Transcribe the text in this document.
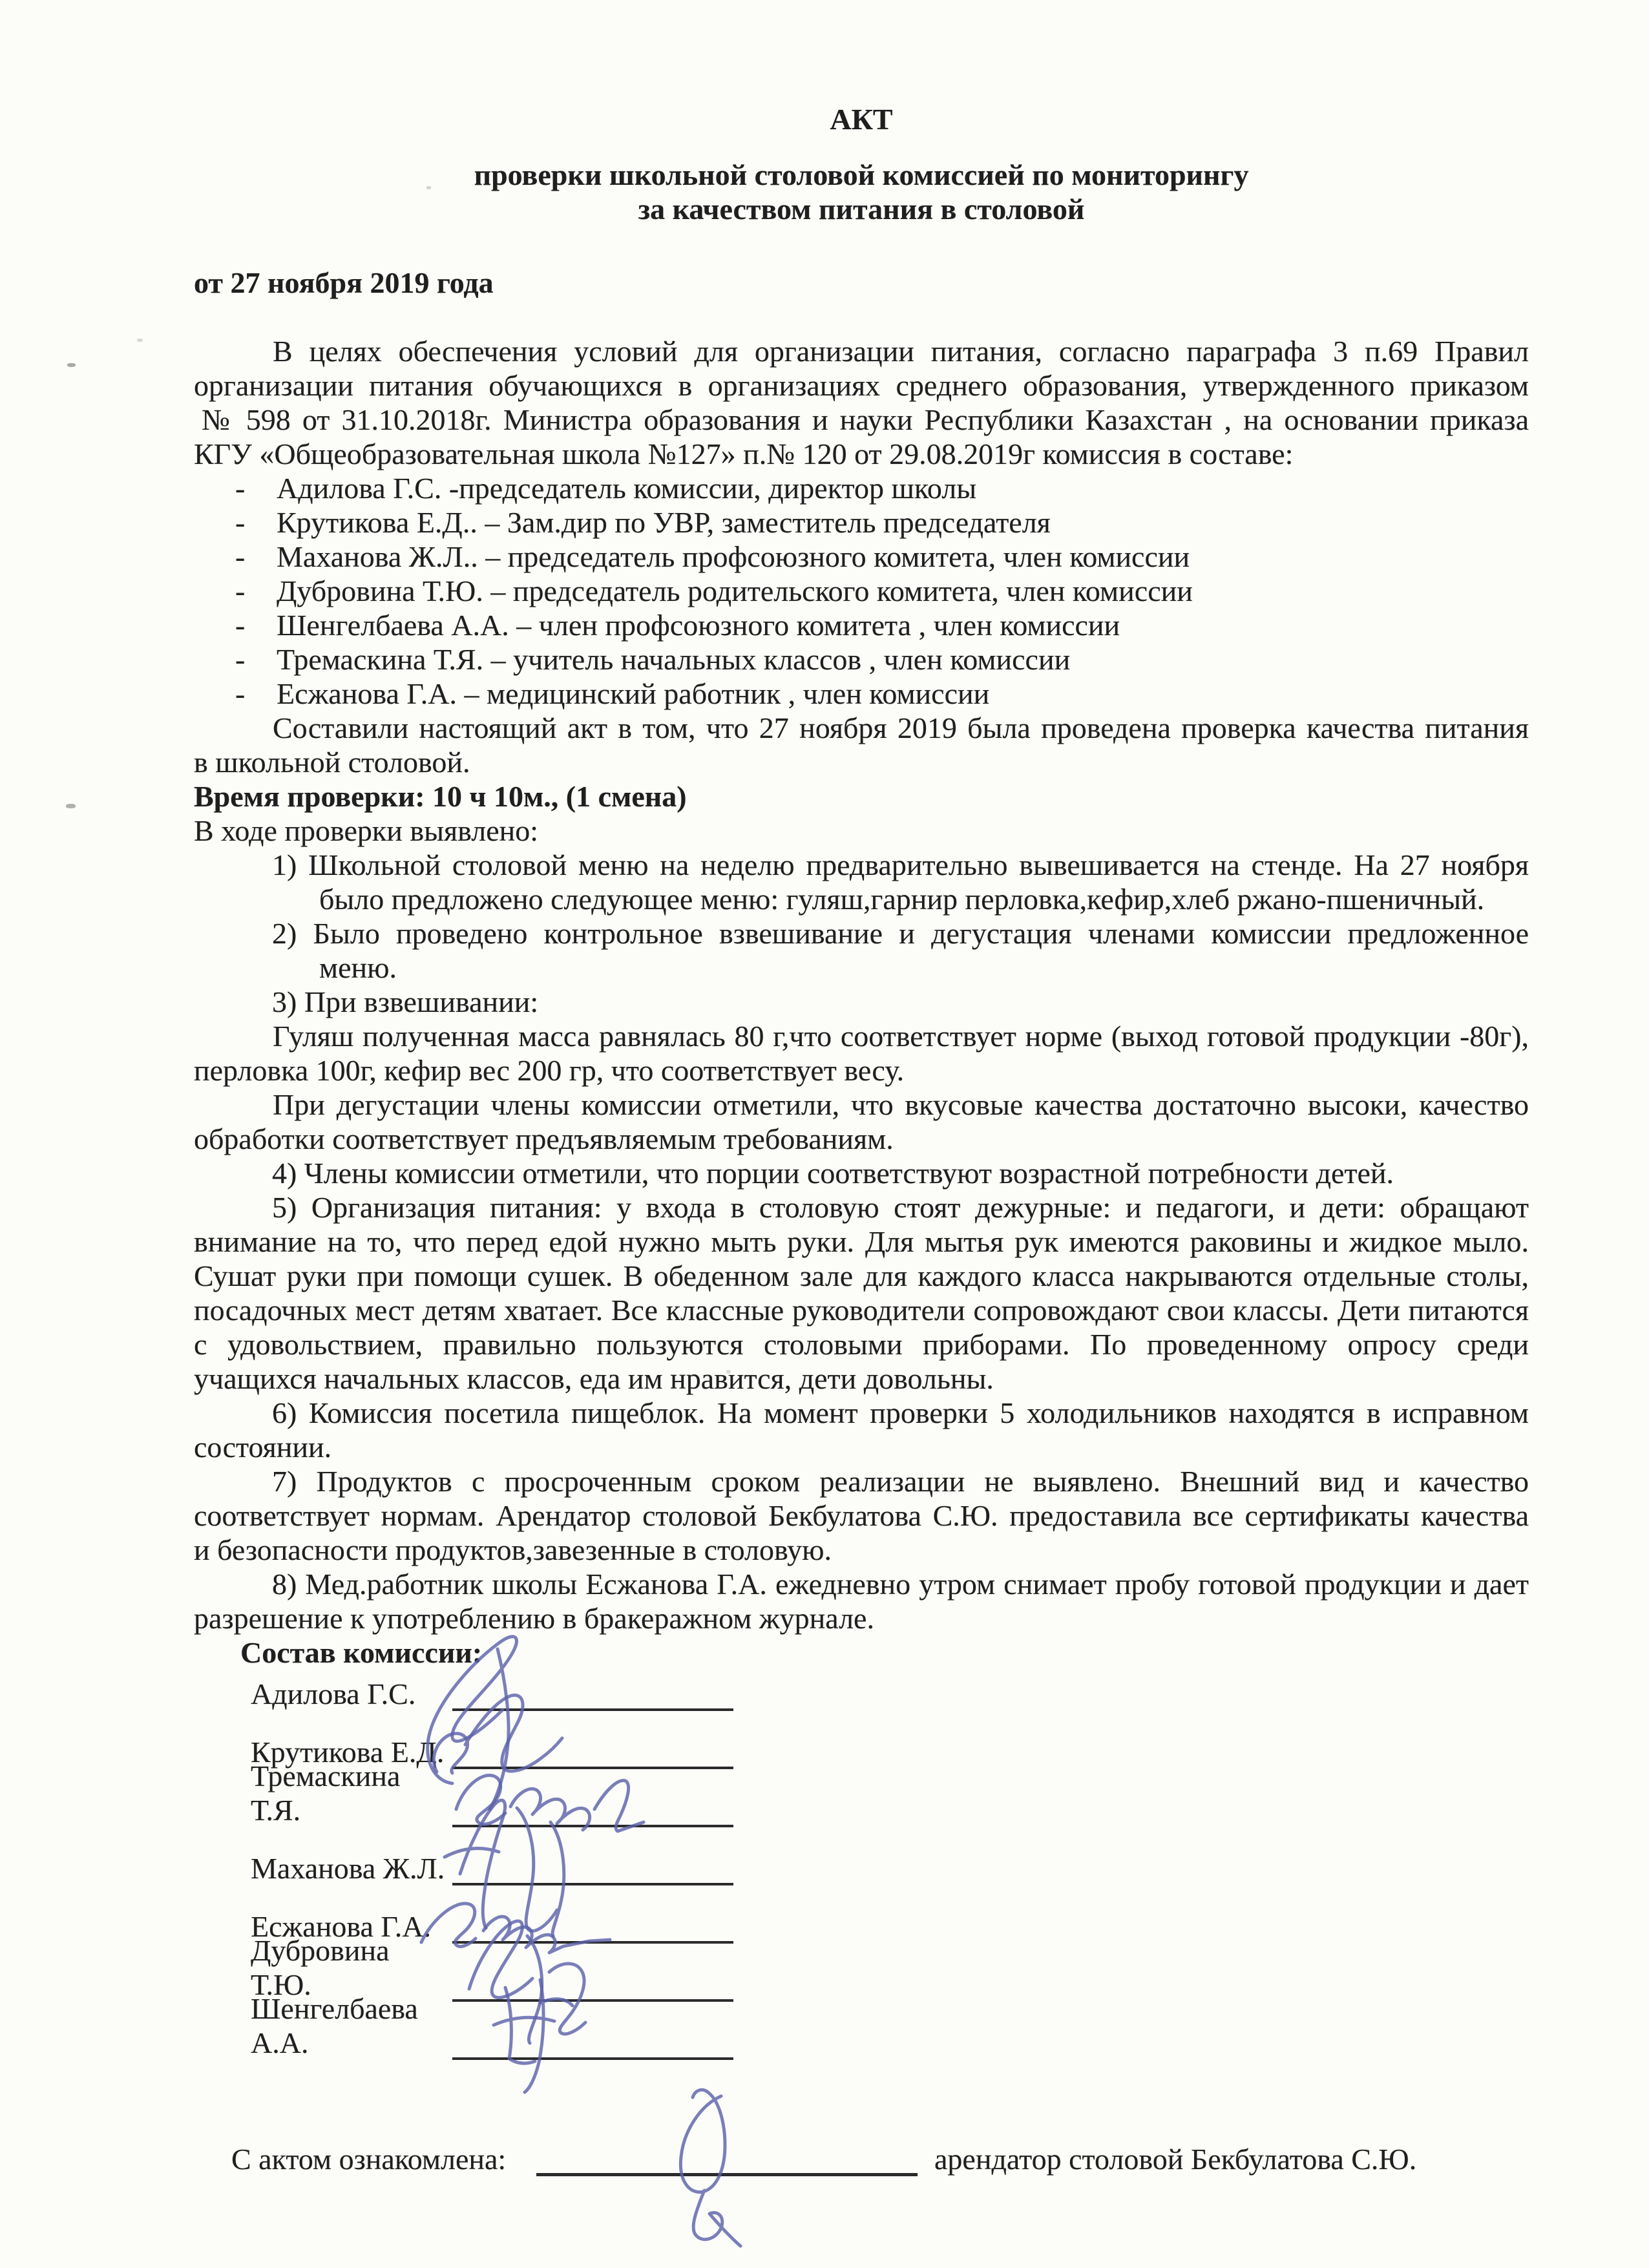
АКТ
проверки школьной столовой комиссией по мониторингу
за качеством питания в столовой
от 27 ноября 2019 года
В целях обеспечения условий для организации питания, согласно параграфа 3 п.69 Правил
организации питания обучающихся в организациях среднего образования, утвержденного приказом
№ 598 от 31.10.2018г. Министра образования и науки Республики Казахстан , на основании приказа
КГУ «Общеобразовательная школа №127» п.№ 120 от 29.08.2019г комиссия в составе:
- Адилова Г.С. -председатель комиссии, директор школы
- Крутикова Е.Д.. – Зам.дир по УВР, заместитель председателя
- Маханова Ж.Л.. – председатель профсоюзного комитета, член комиссии
- Дубровина Т.Ю. – председатель родительского комитета, член комиссии
- Шенгелбаева А.А. – член профсоюзного комитета , член комиссии
- Тремаскина Т.Я. – учитель начальных классов , член комиссии
- Есжанова Г.А. – медицинский работник , член комиссии
Составили настоящий акт в том, что 27 ноября 2019 была проведена проверка качества питания
в школьной столовой.
Время проверки: 10 ч 10м., (1 смена)
В ходе проверки выявлено:
1) Школьной столовой меню на неделю предварительно вывешивается на стенде. На 27 ноября
было предложено следующее меню: гуляш,гарнир перловка,кефир,хлеб ржано-пшеничный.
2) Было проведено контрольное взвешивание и дегустация членами комиссии предложенное
меню.
3) При взвешивании:
Гуляш полученная масса равнялась 80 г,что соответствует норме (выход готовой продукции -80г),
перловка 100г, кефир вес 200 гр, что соответствует весу.
При дегустации члены комиссии отметили, что вкусовые качества достаточно высоки, качество
обработки соответствует предъявляемым требованиям.
4) Члены комиссии отметили, что порции соответствуют возрастной потребности детей.
5) Организация питания: у входа в столовую стоят дежурные: и педагоги, и дети: обращают
внимание на то, что перед едой нужно мыть руки. Для мытья рук имеются раковины и жидкое мыло.
Сушат руки при помощи сушек. В обеденном зале для каждого класса накрываются отдельные столы,
посадочных мест детям хватает. Все классные руководители сопровождают свои классы. Дети питаются
с удовольствием, правильно пользуются столовыми приборами. По проведенному опросу среди
учащихся начальных классов, еда им нравится, дети довольны.
6) Комиссия посетила пищеблок. На момент проверки 5 холодильников находятся в исправном
состоянии.
7) Продуктов с просроченным сроком реализации не выявлено. Внешний вид и качество
соответствует нормам. Арендатор столовой Бекбулатова С.Ю. предоставила все сертификаты качества
и безопасности продуктов,завезенные в столовую.
8) Мед.работник школы Есжанова Г.А. ежедневно утром снимает пробу готовой продукции и дает
разрешение к употреблению в бракеражном журнале.
Состав комиссии:
Адилова Г.С.
Крутикова Е.Д.
Тремаскина Т.Я.
Маханова Ж.Л.
Есжанова Г.А.
Дубровина Т.Ю.
Шенгелбаева А.А.
С актом ознакомлена:	арендатор столовой Бекбулатова С.Ю.
